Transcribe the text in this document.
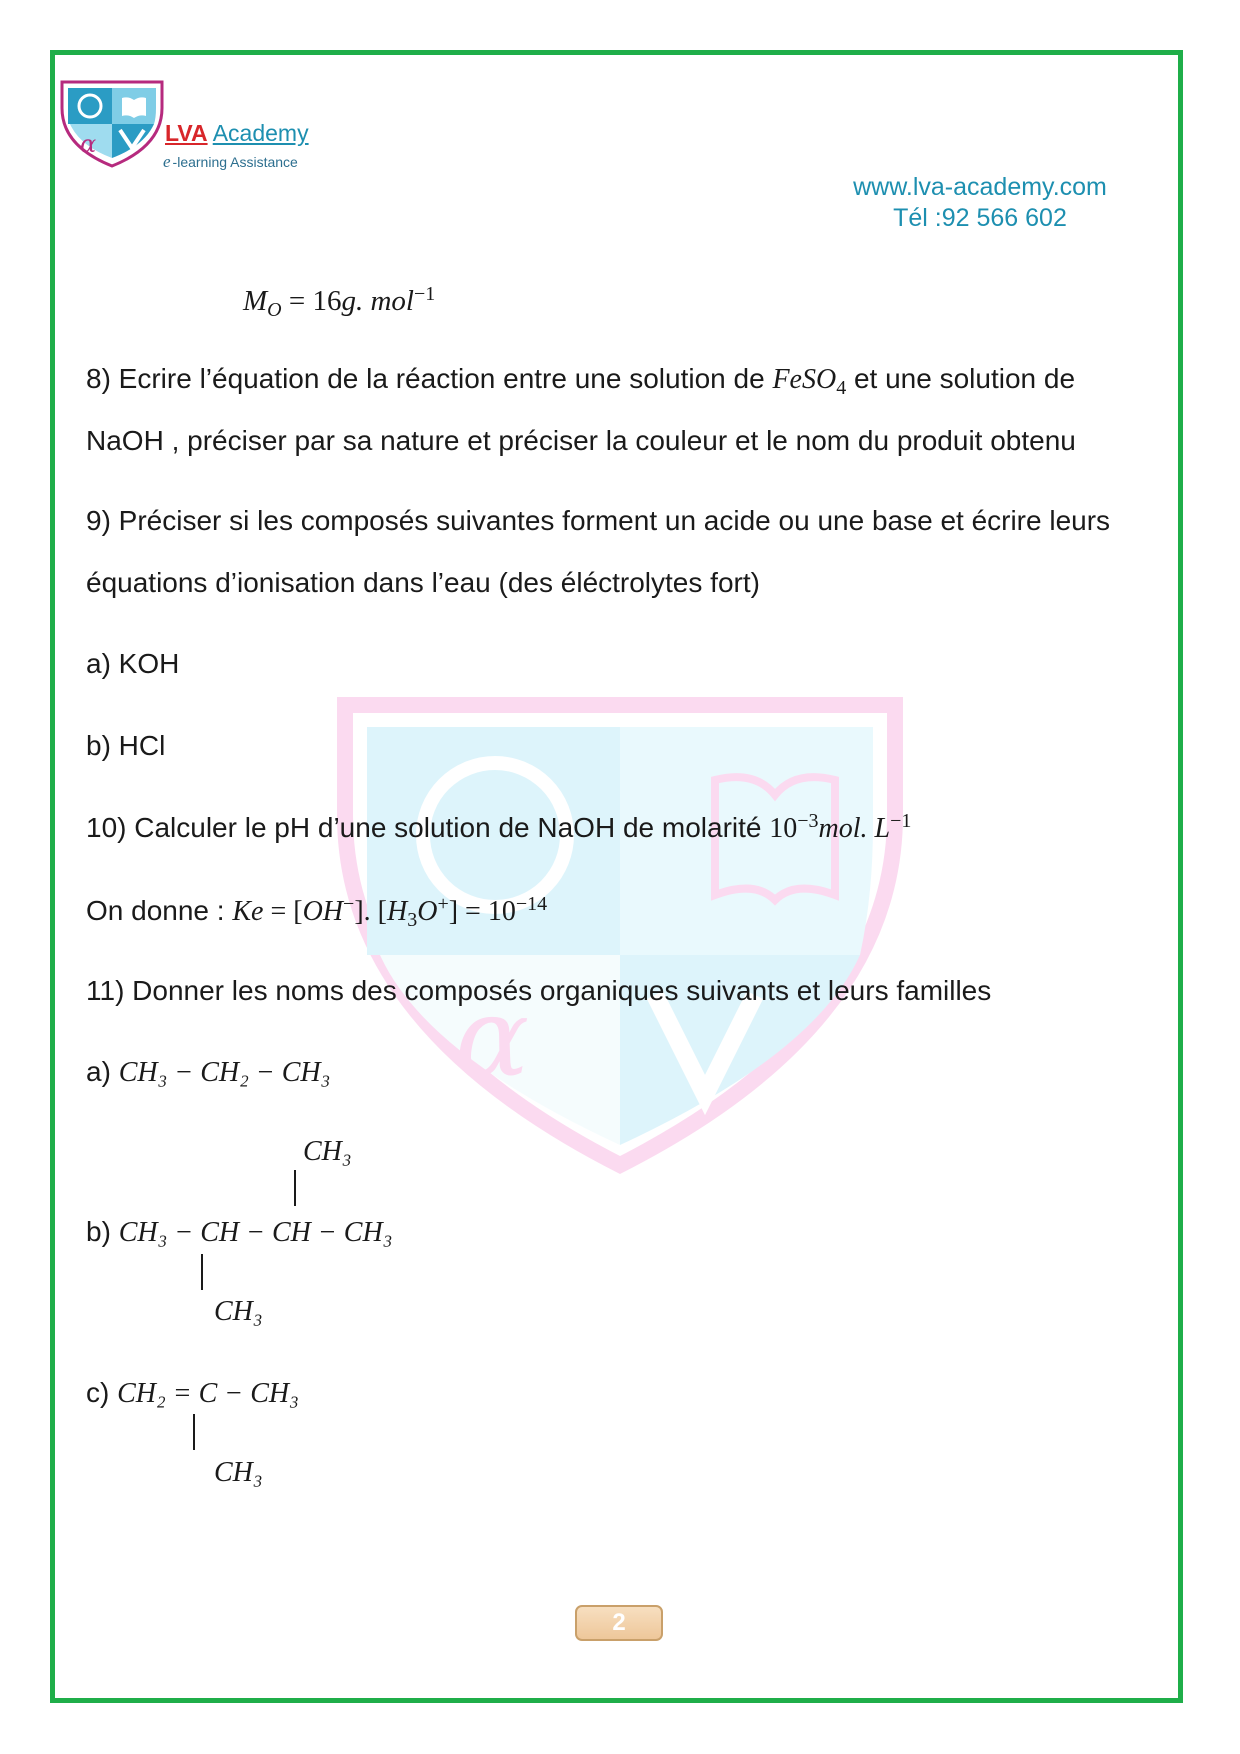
α
α	LVA Academy
e -learning Assistance
www.lva-academy.com
Tél :92 566 602
$M_O = 16g$. mol$^{-1}$
8) Ecrire l’équation de la réaction entre une solution de FeSO$_4$ et une solution de
NaOH , préciser par sa nature et préciser la couleur et le nom du produit obtenu
9) Préciser si les composés suivantes forment un acide ou une base et écrire leurs
équations d’ionisation dans l’eau (des éléctrolytes fort)
a) KOH
b) HCl
10) Calculer le pH d’une solution de NaOH de molarité $10^{-3}mol$. $L^{-1}$
On donne : Ke = [OH−]. $[H_3O^+] = 10^{-14}$
11) Donner les noms des composés organiques suivants et leurs familles
a) CH₃ − CH₂ − CH₃
CH₃
b) CH₃ − CH − CH − CH₃
CH₃
c) CH₂ = C − CH₃
CH₃
2
